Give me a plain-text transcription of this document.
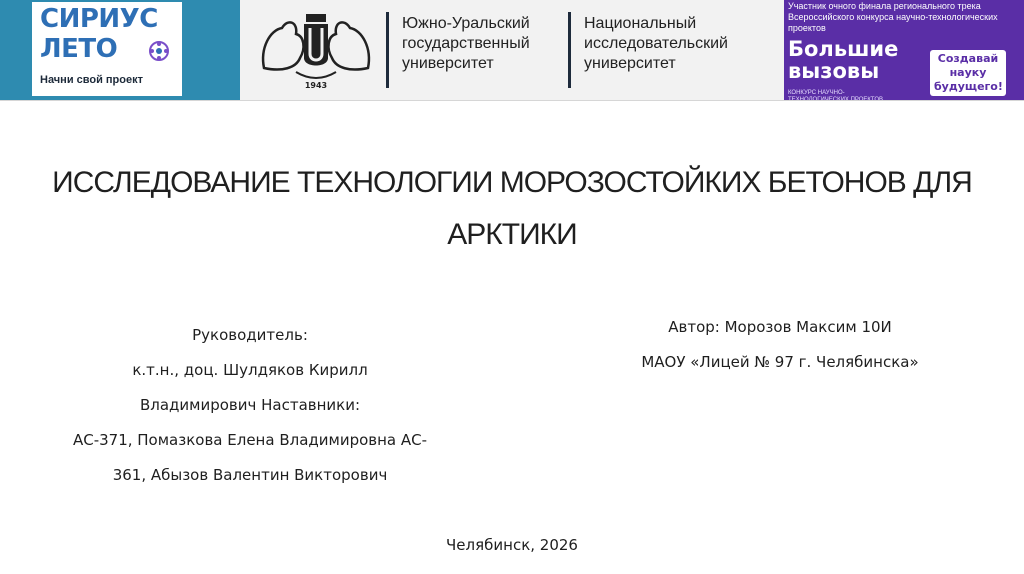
СИРИУС
ЛЕТО
Начни свой проект	1943
Южно-Уральский
государственный
университет
Национальный
исследовательский
университет
Участник очного финала регионального трека Всероссийского конкурса научно-технологических проектов
Большие
вызовы
Создавай
науку
будущего!
КОНКУРС НАУЧНО-
ТЕХНОЛОГИЧЕСКИХ ПРОЕКТОВ
ИССЛЕДОВАНИЕ ТЕХНОЛОГИИ МОРОЗОСТОЙКИХ БЕТОНОВ ДЛЯ
АРКТИКИ
Руководитель:
к.т.н., доц. Шулдяков Кирилл
Владимирович Наставники:
АС-371, Помазкова Елена Владимировна АС-
361, Абызов Валентин Викторович
Автор: Морозов Максим 10И
МАОУ «Лицей № 97 г. Челябинска»
Челябинск, 2026
